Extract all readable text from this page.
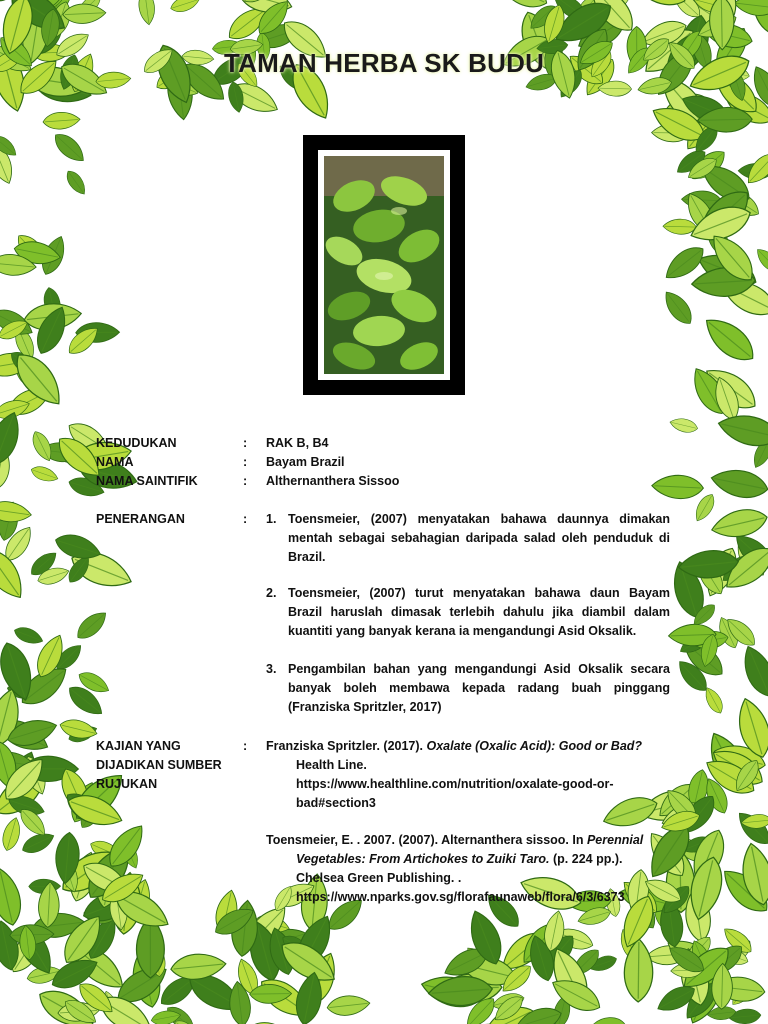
TAMAN HERBA SK BUDU
KEDUDUKAN	: RAK B, B4
NAMA	: Bayam Brazil
NAMA SAINTIFIK	: Althernanthera Sissoo
PENERANGAN	: 1. Toensmeier, (2007) menyatakan bahawa daunnya dimakan mentah sebagai sebahagian daripada salad oleh penduduk di Brazil.
2. Toensmeier, (2007) turut menyatakan bahawa daun Bayam Brazil haruslah dimasak terlebih dahulu jika diambil dalam kuantiti yang banyak kerana ia mengandungi Asid Oksalik.
3. Pengambilan bahan yang mengandungi Asid Oksalik secara banyak boleh membawa kepada radang buah pinggang (Franziska Spritzler, 2017)
KAJIAN YANG
DIJADIKAN SUMBER
RUJUKAN
: Franziska Spritzler. (2017). Oxalate (Oxalic Acid): Good or Bad?
Health Line.
https://www.healthline.com/nutrition/oxalate-good-or-
bad#section3
Toensmeier, E. . 2007. (2007). Alternanthera sissoo. In Perennial
Vegetables: From Artichokes to Zuiki Taro. (p. 224 pp.).
Chelsea Green Publishing. .
https://www.nparks.gov.sg/florafaunaweb/flora/6/3/6373
